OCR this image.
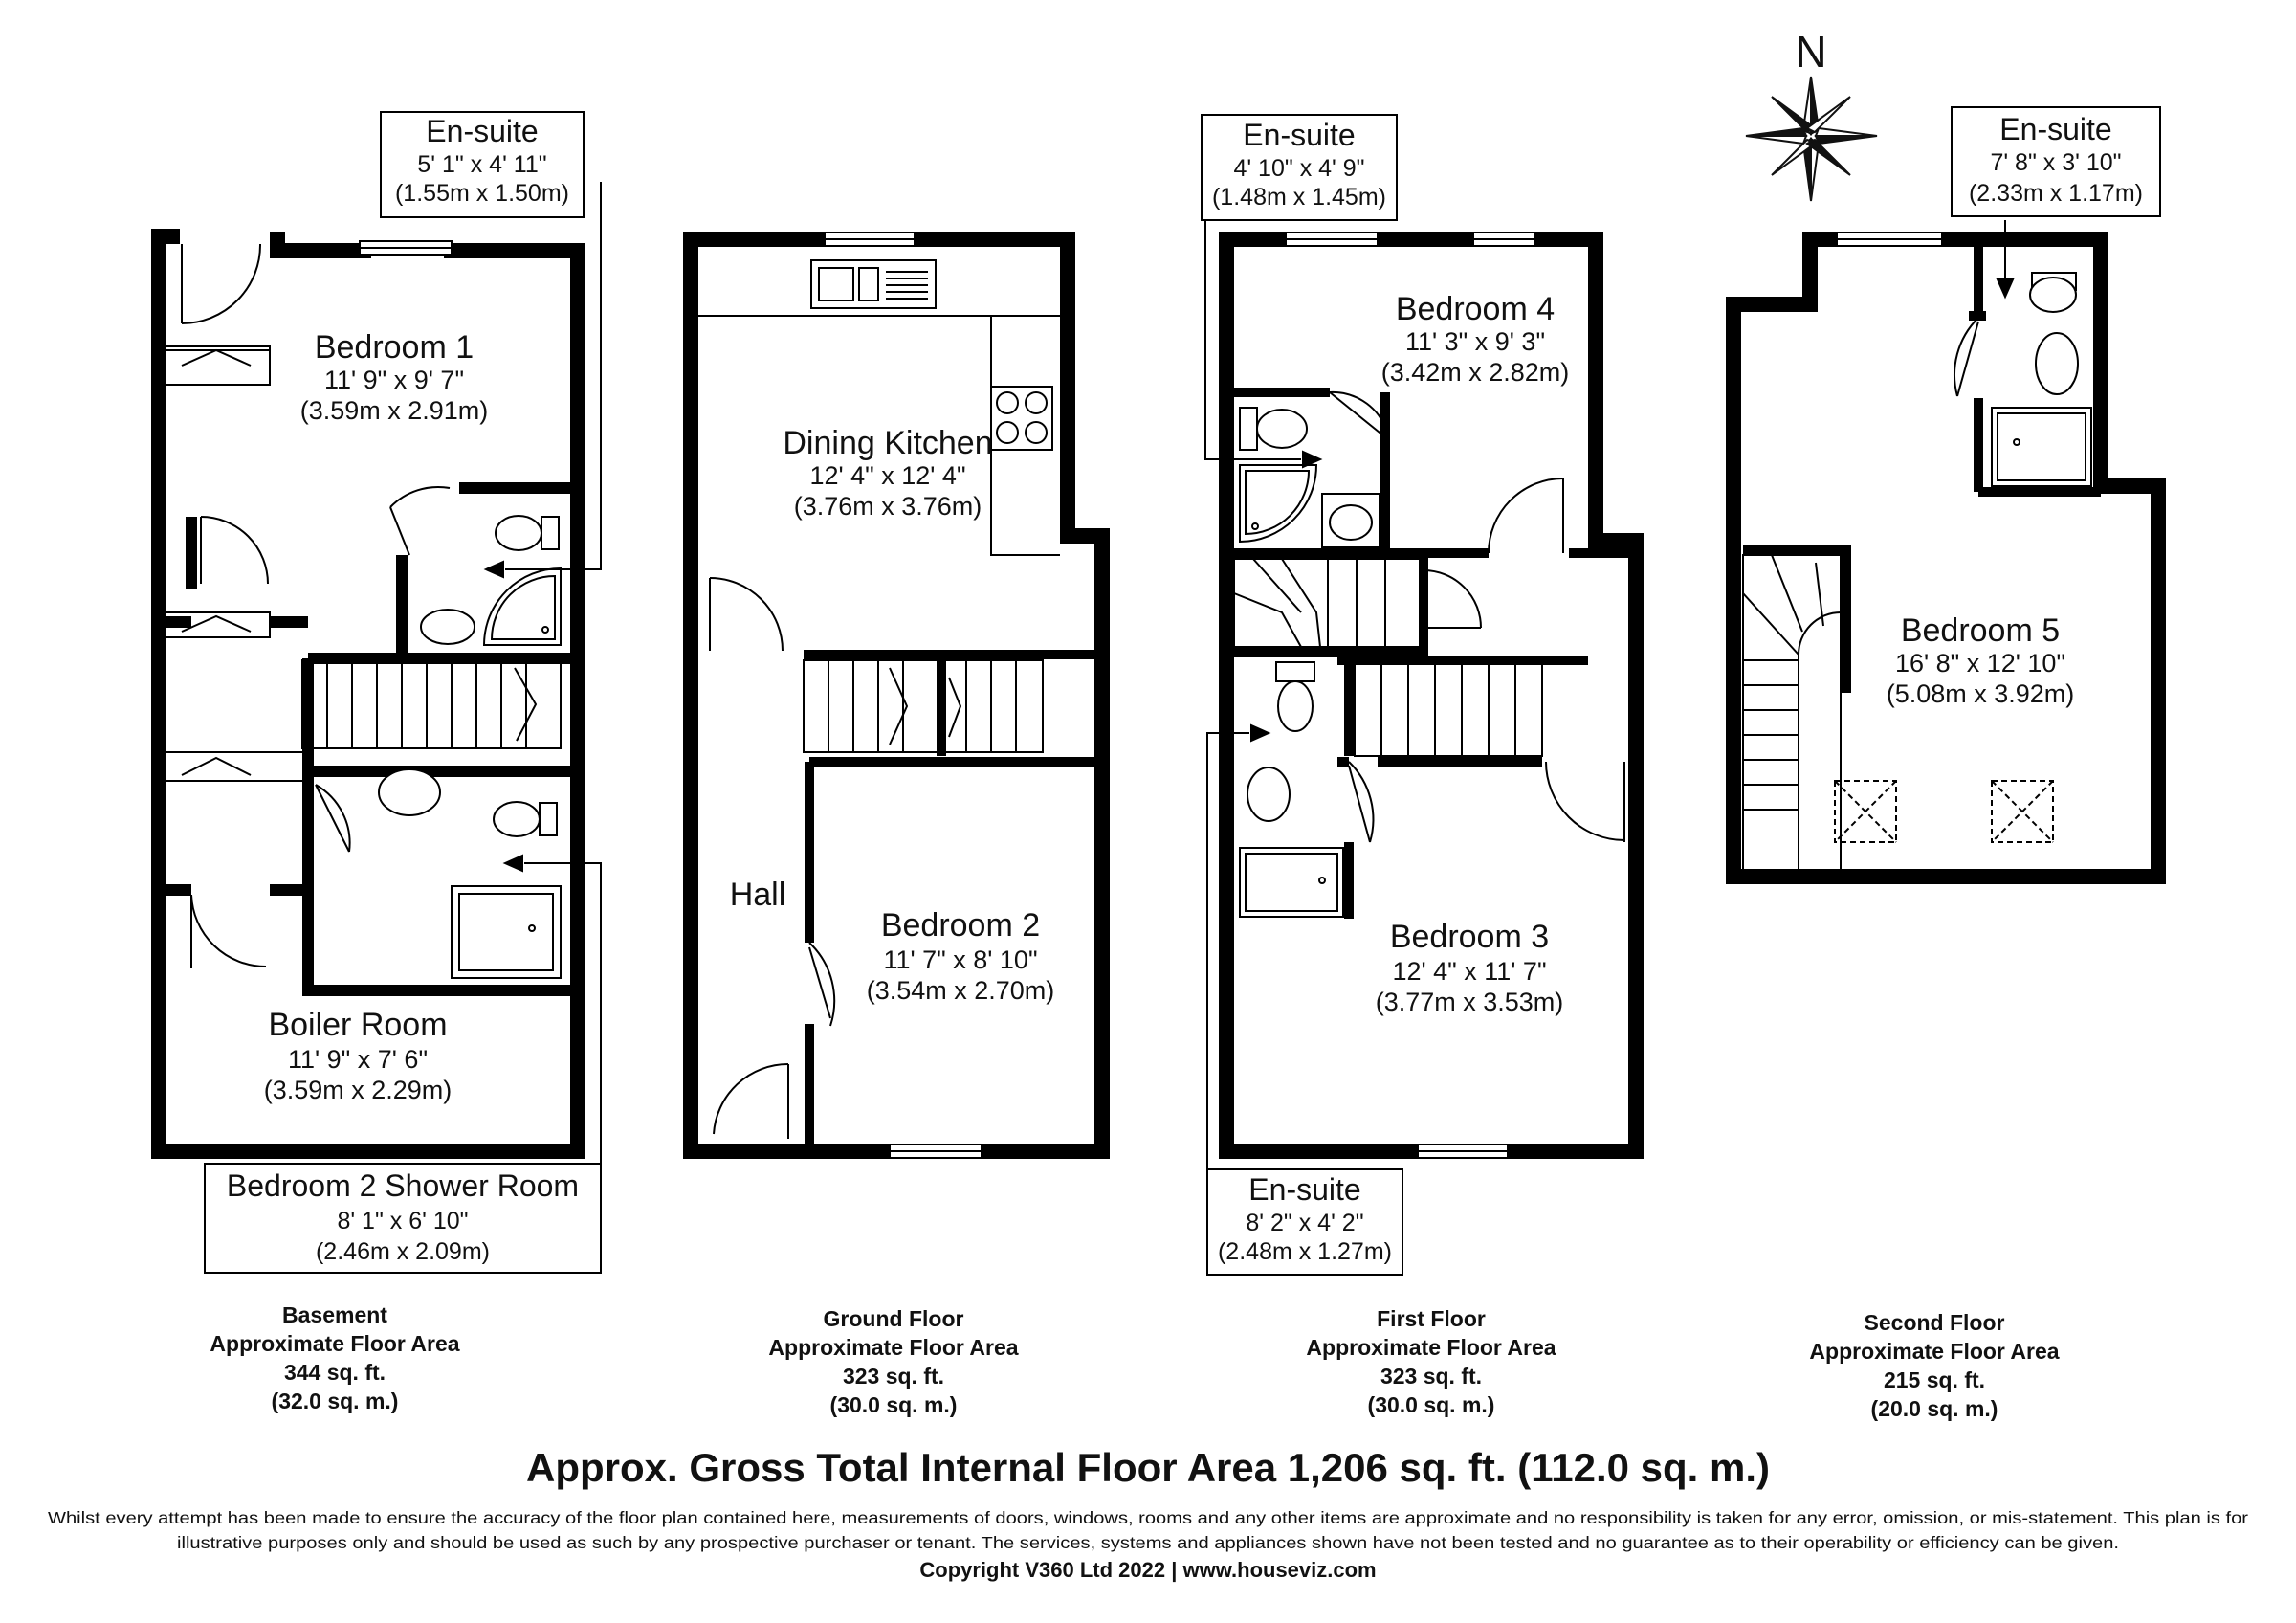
N
En-suite
5' 1" x 4' 11"
(1.55m x 1.50m)
Bedroom 2 Shower Room
8' 1" x 6' 10"
(2.46m x 2.09m)
Bedroom 1
11' 9" x 9' 7"
(3.59m x 2.91m)
Boiler Room
11' 9" x 7' 6"
(3.59m x 2.29m)
Basement
Approximate Floor Area
344 sq. ft.
(32.0 sq. m.)
Dining Kitchen
12' 4" x 12' 4"
(3.76m x 3.76m)
Hall
Bedroom 2
11' 7" x 8' 10"
(3.54m x 2.70m)
Ground Floor
Approximate Floor Area
323 sq. ft.
(30.0 sq. m.)
En-suite
4' 10" x 4' 9"
(1.48m x 1.45m)
En-suite
8' 2" x 4' 2"
(2.48m x 1.27m)
Bedroom 4
11' 3" x 9' 3"
(3.42m x 2.82m)
Bedroom 3
12' 4" x 11' 7"
(3.77m x 3.53m)
First Floor
Approximate Floor Area
323 sq. ft.
(30.0 sq. m.)
En-suite
7' 8" x 3' 10"
(2.33m x 1.17m)
Bedroom 5
16' 8" x 12' 10"
(5.08m x 3.92m)
Second Floor
Approximate Floor Area
215 sq. ft.
(20.0 sq. m.)
Approx. Gross Total Internal Floor Area 1,206 sq. ft. (112.0 sq. m.)
Whilst every attempt has been made to ensure the accuracy of the floor plan contained here, measurements of doors, windows, rooms and any other items are approximate and no responsibility is taken for any error, omission, or mis-statement. This plan is for
illustrative purposes only and should be used as such by any prospective purchaser or tenant. The services, systems and appliances shown have not been tested and no guarantee as to their operability or efficiency can be given.
Copyright V360 Ltd 2022 | www.houseviz.com
